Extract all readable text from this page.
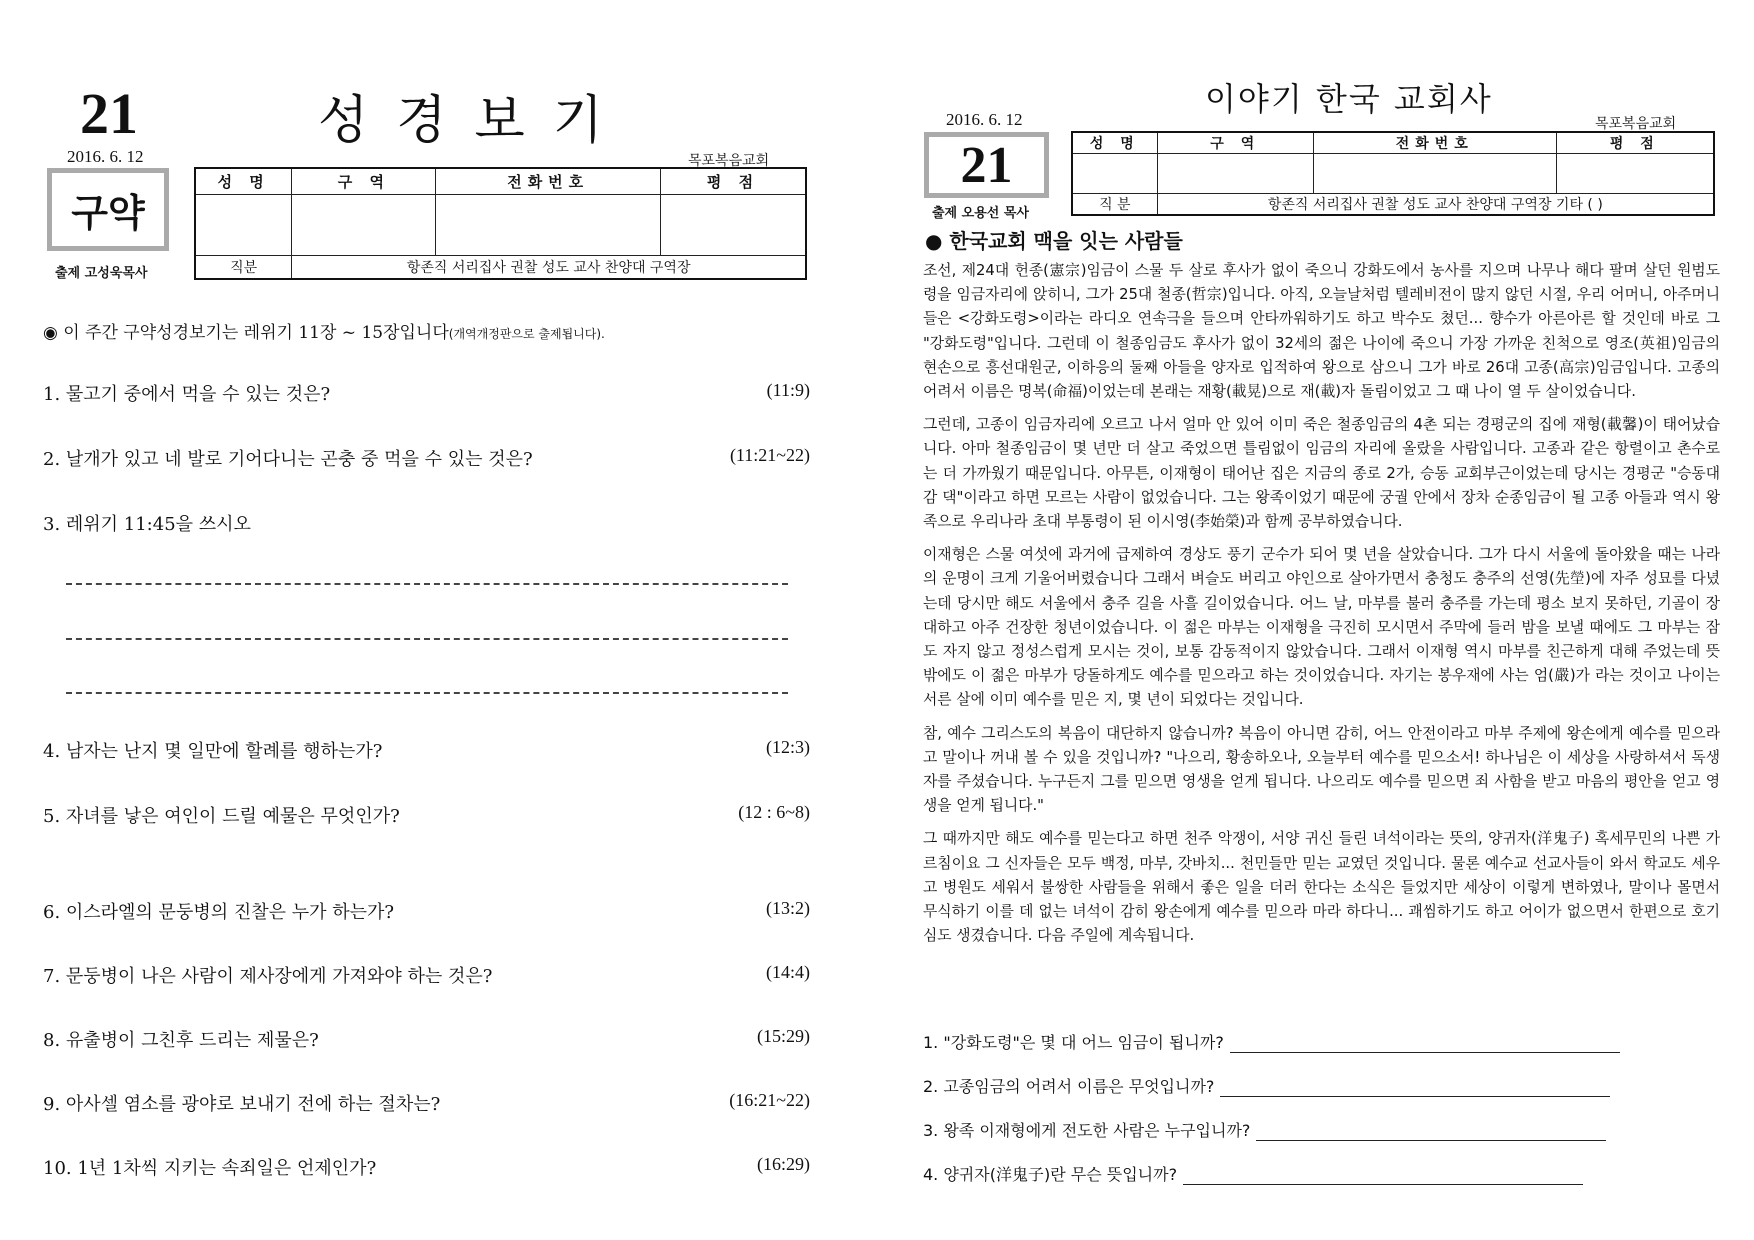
21	성경보기
2016. 6. 12	목포복음교회
구약
출제 고성욱목사
성 명	구 역	전화번호	평 점

직분	항존직 서리집사 권찰 성도 교사 찬양대 구역장		
◉ 이 주간 구약성경보기는 레위기 11장 ~ 15장입니다(개역개정판으로 출제됩니다).
1. 물고기 중에서 먹을 수 있는 것은?	(11:9)
2. 날개가 있고 네 발로 기어다니는 곤충 중 먹을 수 있는 것은?	(11:21~22)
3. 레위기 11:45을 쓰시오
4. 남자는 난지 몇 일만에 할례를 행하는가?	(12:3)
5. 자녀를 낳은 여인이 드릴 예물은 무엇인가?	(12 : 6~8)
6. 이스라엘의 문둥병의 진찰은 누가 하는가?	(13:2)
7. 문둥병이 나은 사람이 제사장에게 가져와야 하는 것은?	(14:4)
8. 유출병이 그친후 드리는 제물은?	(15:29)
9. 아사셀 염소를 광야로 보내기 전에 하는 절차는?	(16:21~22)
10. 1년 1차씩 지키는 속죄일은 언제인가?	(16:29)
이야기 한국 교회사
2016. 6. 12	목포복음교회
21
출제 오용선 목사
성 명	구 역	전화번호	평 점

직 분	항존직 서리집사 권찰 성도 교사 찬양대 구역장 기타 ( )		
● 한국교회 맥을 잇는 사람들

조선, 제24대 헌종(憲宗)임금이 스물 두 살로 후사가 없이 죽으니 강화도에서 농사를 지으며 나무나 해다 팔며 살던 원범도령을 임금자리에 앉히니, 그가 25대 철종(哲宗)입니다. 아직, 오늘날처럼 텔레비전이 많지 않던 시절, 우리 어머니, 아주머니들은 <강화도령>이라는 라디오 연속극을 들으며 안타까워하기도 하고 박수도 쳤던... 향수가 아른아른 할 것인데 바로 그 "강화도령"입니다. 그런데 이 철종임금도 후사가 없이 32세의 젊은 나이에 죽으니 가장 가까운 친척으로 영조(英祖)임금의 현손으로 흥선대원군, 이하응의 둘째 아들을 양자로 입적하여 왕으로 삼으니 그가 바로 26대 고종(高宗)임금입니다. 고종의 어려서 이름은 명복(命福)이었는데 본래는 재황(載晃)으로 재(載)자 돌림이었고 그 때 나이 열 두 살이었습니다.

그런데, 고종이 임금자리에 오르고 나서 얼마 안 있어 이미 죽은 철종임금의 4촌 되는 경평군의 집에 재형(載馨)이 태어났습니다. 아마 철종임금이 몇 년만 더 살고 죽었으면 틀림없이 임금의 자리에 올랐을 사람입니다. 고종과 같은 항렬이고 촌수로는 더 가까웠기 때문입니다. 아무튼, 이재형이 태어난 집은 지금의 종로 2가, 승동 교회부근이었는데 당시는 경평군 "승동대감 댁"이라고 하면 모르는 사람이 없었습니다. 그는 왕족이었기 때문에 궁궐 안에서 장차 순종임금이 될 고종 아들과 역시 왕족으로 우리나라 초대 부통령이 된 이시영(李始榮)과 함께 공부하였습니다.

이재형은 스물 여섯에 과거에 급제하여 경상도 풍기 군수가 되어 몇 년을 살았습니다. 그가 다시 서울에 돌아왔을 때는 나라의 운명이 크게 기울어버렸습니다 그래서 벼슬도 버리고 야인으로 살아가면서 충청도 충주의 선영(先塋)에 자주 성묘를 다녔는데 당시만 해도 서울에서 충주 길을 사흘 길이었습니다. 어느 날, 마부를 불러 충주를 가는데 평소 보지 못하던, 기골이 장대하고 아주 건장한 청년이었습니다. 이 젊은 마부는 이재형을 극진히 모시면서 주막에 들러 밤을 보낼 때에도 그 마부는 잠도 자지 않고 정성스럽게 모시는 것이, 보통 감동적이지 않았습니다. 그래서 이재형 역시 마부를 친근하게 대해 주었는데 뜻밖에도 이 젊은 마부가 당돌하게도 예수를 믿으라고 하는 것이었습니다. 자기는 봉우재에 사는 엄(嚴)가 라는 것이고 나이는 서른 살에 이미 예수를 믿은 지, 몇 년이 되었다는 것입니다.

참, 예수 그리스도의 복음이 대단하지 않습니까? 복음이 아니면 감히, 어느 안전이라고 마부 주제에 왕손에게 예수를 믿으라고 말이나 꺼내 볼 수 있을 것입니까? "나으리, 황송하오나, 오늘부터 예수를 믿으소서! 하나님은 이 세상을 사랑하셔서 독생자를 주셨습니다. 누구든지 그를 믿으면 영생을 얻게 됩니다. 나으리도 예수를 믿으면 죄 사함을 받고 마음의 평안을 얻고 영생을 얻게 됩니다."

그 때까지만 해도 예수를 믿는다고 하면 천주 악쟁이, 서양 귀신 들린 녀석이라는 뜻의, 양귀자(洋鬼子) 혹세무민의 나쁜 가르침이요 그 신자들은 모두 백정, 마부, 갓바치... 천민들만 믿는 교였던 것입니다. 물론 예수교 선교사들이 와서 학교도 세우고 병원도 세워서 불쌍한 사람들을 위해서 좋은 일을 더러 한다는 소식은 들었지만 세상이 이렇게 변하였나, 말이나 몰면서 무식하기 이를 데 없는 녀석이 감히 왕손에게 예수를 믿으라 마라 하다니... 괘씸하기도 하고 어이가 없으면서 한편으로 호기심도 생겼습니다. 다음 주일에 계속됩니다.

1. "강화도령"은 몇 대 어느 임금이 됩니까?
2. 고종임금의 어려서 이름은 무엇입니까?
3. 왕족 이재형에게 전도한 사람은 누구입니까?
4. 양귀자(洋鬼子)란 무슨 뜻입니까?
